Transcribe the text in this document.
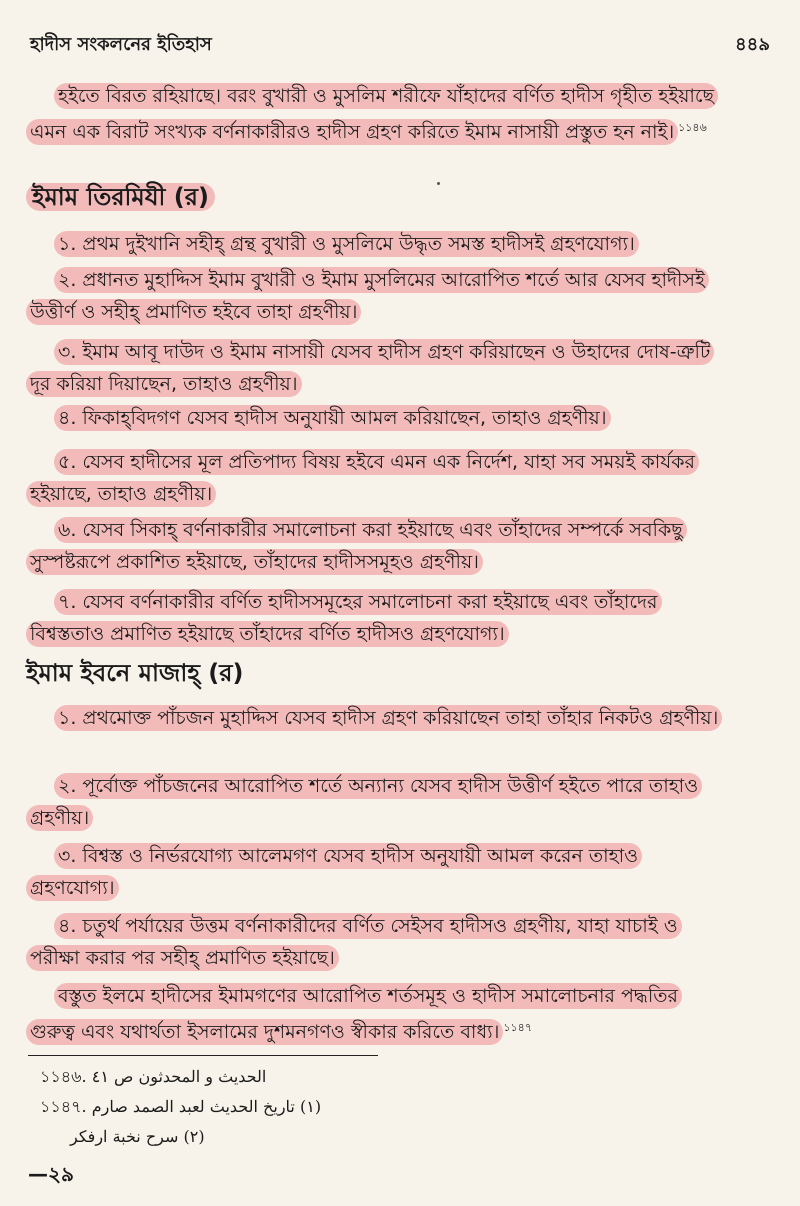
হাদীস সংকলনের ইতিহাস	৪৪৯
হইতে বিরত রহিয়াছে। বরং বুখারী ও মুসলিম শরীফে যাঁহাদের বর্ণিত হাদীস গৃহীত হইয়াছে এমন এক বিরাট সংখ্যক বর্ণনাকারীরও হাদীস গ্রহণ করিতে ইমাম নাসায়ী প্রস্তুত হন নাই। $^{১১৪৬}$
ইমাম তিরমিযী (র)
১. প্রথম দুইখানি সহীহ্ গ্রন্থ বুখারী ও মুসলিমে উদ্ধৃত সমস্ত হাদীসই গ্রহণযোগ্য।
২. প্রধানত মুহাদ্দিস ইমাম বুখারী ও ইমাম মুসলিমের আরোপিত শর্তে আর যেসব হাদীসই উত্তীর্ণ ও সহীহ্ প্রমাণিত হইবে তাহা গ্রহণীয়।
৩. ইমাম আবূ দাউদ ও ইমাম নাসায়ী যেসব হাদীস গ্রহণ করিয়াছেন ও উহাদের দোষ-ত্রুটি দূর করিয়া দিয়াছেন, তাহাও গ্রহণীয়।
৪. ফিকাহ্‌বিদগণ যেসব হাদীস অনুযায়ী আমল করিয়াছেন, তাহাও গ্রহণীয়।
৫. যেসব হাদীসের মূল প্রতিপাদ্য বিষয় হইবে এমন এক নির্দেশ, যাহা সব সময়ই কার্যকর হইয়াছে, তাহাও গ্রহণীয়।
৬. যেসব সিকাহ্ বর্ণনাকারীর সমালোচনা করা হইয়াছে এবং তাঁহাদের সম্পর্কে সবকিছু সুস্পষ্টরূপে প্রকাশিত হইয়াছে, তাঁহাদের হাদীসসমূহও গ্রহণীয়।
৭. যেসব বর্ণনাকারীর বর্ণিত হাদীসসমূহের সমালোচনা করা হইয়াছে এবং তাঁহাদের বিশ্বস্ততাও প্রমাণিত হইয়াছে তাঁহাদের বর্ণিত হাদীসও গ্রহণযোগ্য।
ইমাম ইবনে মাজাহ্ (র)
১. প্রথমোক্ত পাঁচজন মুহাদ্দিস যেসব হাদীস গ্রহণ করিয়াছেন তাহা তাঁহার নিকটও গ্রহণীয়।
২. পূর্বোক্ত পাঁচজনের আরোপিত শর্তে অন্যান্য যেসব হাদীস উত্তীর্ণ হইতে পারে তাহাও গ্রহণীয়।
৩. বিশ্বস্ত ও নির্ভরযোগ্য আলেমগণ যেসব হাদীস অনুযায়ী আমল করেন তাহাও গ্রহণযোগ্য।
৪. চতুর্থ পর্যায়ের উত্তম বর্ণনাকারীদের বর্ণিত সেইসব হাদীসও গ্রহণীয়, যাহা যাচাই ও পরীক্ষা করার পর সহীহ্ প্রমাণিত হইয়াছে।
বস্তুত ইলমে হাদীসের ইমামগণের আরোপিত শর্তসমূহ ও হাদীস সমালোচনার পদ্ধতির গুরুত্ব এবং যথার্থতা ইসলামের দুশমনগণও স্বীকার করিতে বাধ্য। $^{১১৪৭}$
১১৪৬. الحديث و المحدثون ص ٤١
১১৪৭. (١) تاريخ الحديث لعبد الصمد صارم
(٢) سرح نخبة ارفكر
—২৯
